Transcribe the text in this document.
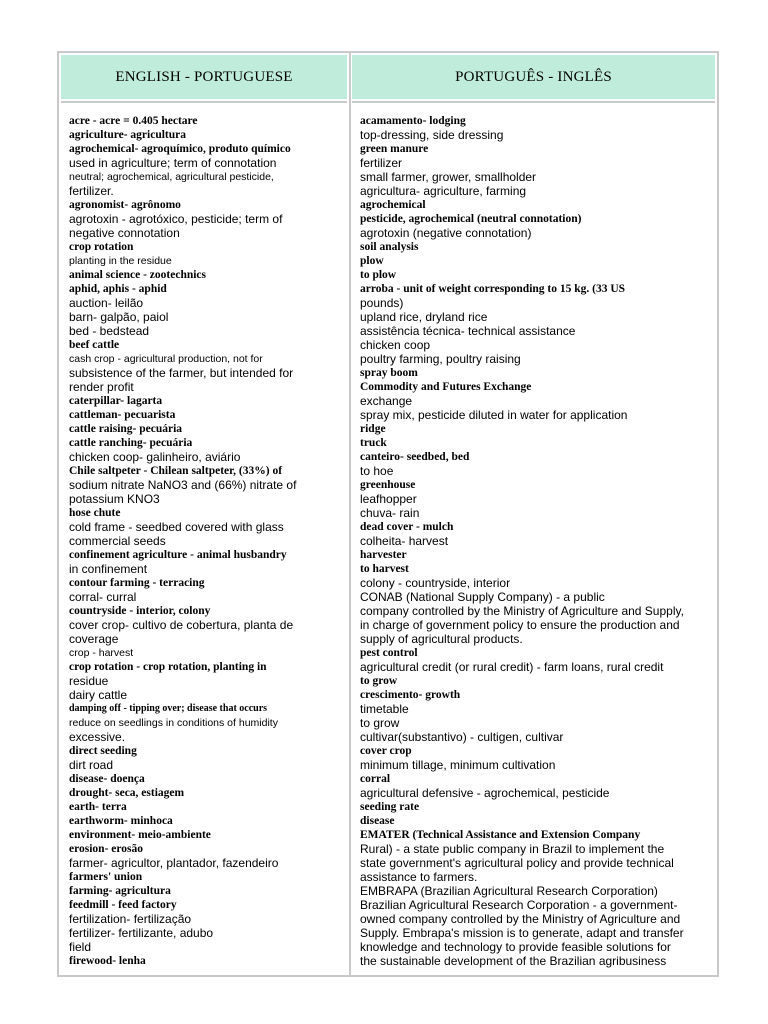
ENGLISH - PORTUGUESE
acre - acre = 0.405 hectare
agriculture- agricultura
agrochemical- agroquímico, produto químico
used in agriculture; term of connotation
neutral; agrochemical, agricultural pesticide,
fertilizer.
agronomist- agrônomo
agrotoxin - agrotóxico, pesticide; term of
negative connotation
crop rotation
planting in the residue
animal science - zootechnics
aphid, aphis - aphid
auction- leilão
barn- galpão, paiol
bed - bedstead
beef cattle
cash crop - agricultural production, not for
subsistence of the farmer, but intended for
render profit
caterpillar- lagarta
cattleman- pecuarista
cattle raising- pecuária
cattle ranching- pecuária
chicken coop- galinheiro, aviário
Chile saltpeter - Chilean saltpeter, (33%) of
sodium nitrate NaNO3 and (66%) nitrate of
potassium KNO3
hose chute
cold frame - seedbed covered with glass
commercial seeds
confinement agriculture - animal husbandry
in confinement
contour farming - terracing
corral- curral
countryside - interior, colony
cover crop- cultivo de cobertura, planta de
coverage
crop - harvest
crop rotation - crop rotation, planting in
residue
dairy cattle
damping off - tipping over; disease that occurs
reduce on seedlings in conditions of humidity
excessive.
direct seeding
dirt road
disease- doença
drought- seca, estiagem
earth- terra
earthworm- minhoca
environment- meio-ambiente
erosion- erosão
farmer- agricultor, plantador, fazendeiro
farmers' union
farming- agricultura
feedmill - feed factory
fertilization- fertilização
fertilizer- fertilizante, adubo
field
firewood- lenha
PORTUGUÊS - INGLÊS
acamamento- lodging
top-dressing, side dressing
green manure
fertilizer
small farmer, grower, smallholder
agricultura- agriculture, farming
agrochemical
pesticide, agrochemical (neutral connotation)
agrotoxin (negative connotation)
soil analysis
plow
to plow
arroba - unit of weight corresponding to 15 kg. (33 US
pounds)
upland rice, dryland rice
assistência técnica- technical assistance
chicken coop
poultry farming, poultry raising
spray boom
Commodity and Futures Exchange
exchange
spray mix, pesticide diluted in water for application
ridge
truck
canteiro- seedbed, bed
to hoe
greenhouse
leafhopper
chuva- rain
dead cover - mulch
colheita- harvest
harvester
to harvest
colony - countryside, interior
CONAB (National Supply Company) - a public
company controlled by the Ministry of Agriculture and Supply,
in charge of government policy to ensure the production and
supply of agricultural products.
pest control
agricultural credit (or rural credit) - farm loans, rural credit
to grow
crescimento- growth
timetable
to grow
cultivar(substantivo) - cultigen, cultivar
cover crop
minimum tillage, minimum cultivation
corral
agricultural defensive - agrochemical, pesticide
seeding rate
disease
EMATER (Technical Assistance and Extension Company
Rural) - a state public company in Brazil to implement the
state government's agricultural policy and provide technical
assistance to farmers.
EMBRAPA (Brazilian Agricultural Research Corporation)
Brazilian Agricultural Research Corporation - a government-
owned company controlled by the Ministry of Agriculture and
Supply. Embrapa's mission is to generate, adapt and transfer
knowledge and technology to provide feasible solutions for
the sustainable development of the Brazilian agribusiness
